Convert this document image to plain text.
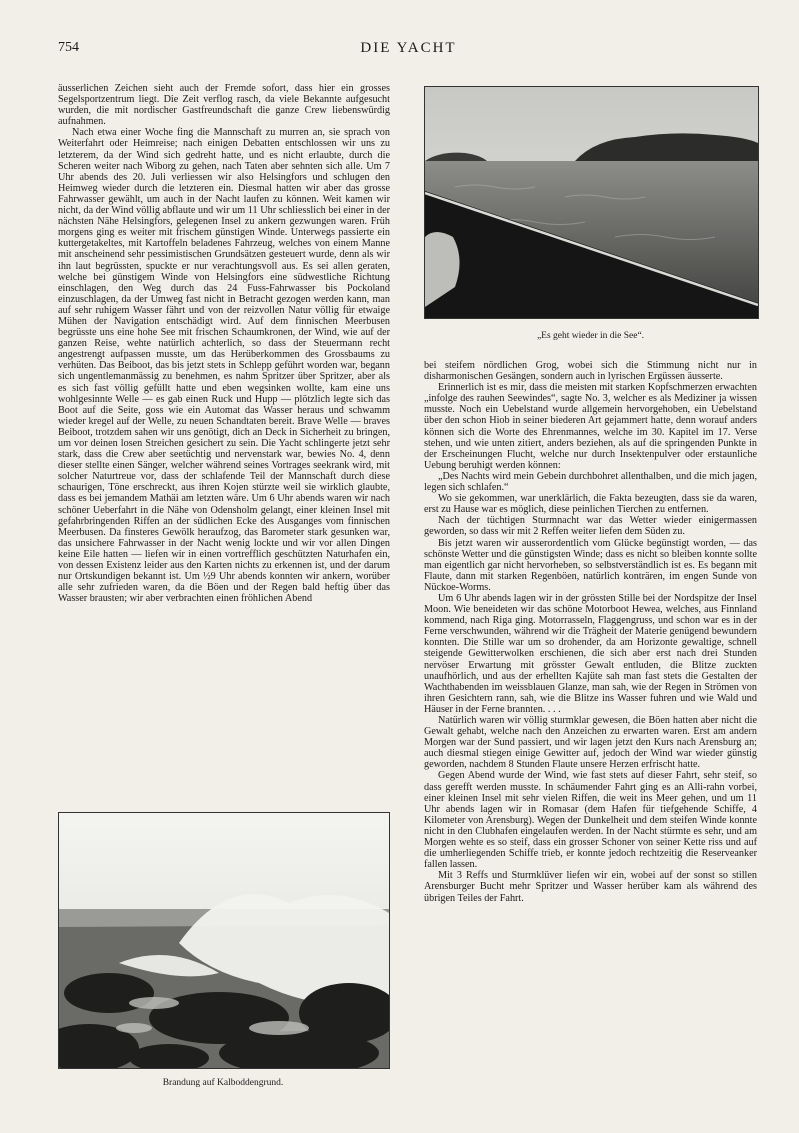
754	DIE YACHT

äusserlichen Zeichen sieht auch der Fremde sofort, dass hier ein grosses Segelsportzentrum liegt. Die Zeit verflog rasch, da viele Bekannte aufgesucht wurden, die mit nordischer Gastfreundschaft die ganze Crew liebenswürdig aufnahmen.

Nach etwa einer Woche fing die Mannschaft zu murren an, sie sprach von Weiterfahrt oder Heimreise; nach einigen Debatten entschlossen wir uns zu letzterem, da der Wind sich gedreht hatte, und es nicht erlaubte, durch die Scheren weiter nach Wiborg zu gehen, nach Taten aber sehnten sich alle. Um 7 Uhr abends des 20. Juli verliessen wir also Helsingfors und schlugen den Heimweg wieder durch die letzteren ein. Diesmal hatten wir aber das grosse Fahrwasser gewählt, um auch in der Nacht laufen zu können. Weit kamen wir nicht, da der Wind völlig abflaute und wir um 11 Uhr schliesslich bei einer in der nächsten Nähe Helsingfors, gelegenen Insel zu ankern gezwungen waren. Früh morgens ging es weiter mit frischem günstigen Winde. Unterwegs passierte ein kuttergetakeltes, mit Kartoffeln beladenes Fahrzeug, welches von einem Manne mit anscheinend sehr pessimistischen Grundsätzen gesteuert wurde, denn als wir ihn laut begrüssten, spuckte er nur verachtungsvoll aus. Es sei allen geraten, welche bei günstigem Winde von Helsingfors eine südwestliche Richtung einschlagen, den Weg durch das 24 Fuss-Fahrwasser bis Pockoland einzuschlagen, da der Umweg fast nicht in Betracht gezogen werden kann, man auf sehr ruhigem Wasser fährt und von der reizvollen Natur völlig für etwaige Mühen der Navigation entschädigt wird. Auf dem finnischen Meerbusen begrüsste uns eine hohe See mit frischen Schaumkronen, der Wind, wie auf der ganzen Reise, wehte natürlich achterlich, so dass der Steuermann recht angestrengt aufpassen musste, um das Herüberkommen des Grossbaums zu verhüten. Das Beiboot, das bis jetzt stets in Schlepp geführt worden war, begann sich ungentlemanmässig zu benehmen, es nahm Spritzer über Spritzer, aber als es sich fast völlig gefüllt hatte und eben wegsinken wollte, kam eine uns wohlgesinnte Welle — es gab einen Ruck und Hupp — plötzlich legte sich das Boot auf die Seite, goss wie ein Automat das Wasser heraus und schwamm wieder kregel auf der Welle, zu neuen Schandtaten bereit. Brave Welle — braves Beiboot, trotzdem sahen wir uns genötigt, dich an Deck in Sicherheit zu bringen, um vor deinen losen Streichen gesichert zu sein. Die Yacht schlingerte jetzt sehr stark, dass die Crew aber seetüchtig und nervenstark war, bewies No. 4, denn dieser stellte einen Sänger, welcher während seines Vortrages seekrank wird, mit solcher Naturtreue vor, dass der schlafende Teil der Mannschaft durch diese schaurigen, Töne erschreckt, aus ihren Kojen stürzte weil sie wirklich glaubte, dass es bei jemandem Mathäi am letzten wäre. Um 6 Uhr abends waren wir nach schöner Ueberfahrt in die Nähe von Odensholm gelangt, einer kleinen Insel mit gefahrbringenden Riffen an der südlichen Ecke des Ausganges vom finnischen Meerbusen. Da finsteres Gewölk heraufzog, das Barometer stark gesunken war, das unsichere Fahrwasser in der Nacht wenig lockte und wir vor allen Dingen keine Eile hatten — liefen wir in einen vortrefflich geschützten Naturhafen ein, von dessen Existenz leider aus den Karten nichts zu erkennen ist, und der darum nur Ortskundigen bekannt ist. Um ½9 Uhr abends konnten wir ankern, worüber alle sehr zufrieden waren, da die Böen und der Regen bald heftig über das Wasser brausten; wir aber verbrachten einen fröhlichen Abend

„Es geht wieder in die See“.

bei steifem nördlichen Grog, wobei sich die Stimmung nicht nur in disharmonischen Gesängen, sondern auch in lyrischen Ergüssen äusserte.

Erinnerlich ist es mir, dass die meisten mit starken Kopfschmerzen erwachten „infolge des rauhen Seewindes“, sagte No. 3, welcher es als Mediziner ja wissen musste. Noch ein Uebelstand wurde allgemein hervorgehoben, ein Uebelstand über den schon Hiob in seiner biederen Art gejammert hatte, denn worauf anders können sich die Worte des Ehrenmannes, welche im 30. Kapitel im 17. Verse stehen, und wie unten zitiert, anders beziehen, als auf die springenden Punkte in der Erscheinungen Flucht, welche nur durch Insektenpulver oder erstaunliche Uebung beruhigt werden können:

„Des Nachts wird mein Gebein durchbohret allenthalben, und die mich jagen, legen sich schlafen.“

Wo sie gekommen, war unerklärlich, die Fakta bezeugten, dass sie da waren, erst zu Hause war es möglich, diese peinlichen Tierchen zu entfernen.

Nach der tüchtigen Sturmnacht war das Wetter wieder einigermassen geworden, so dass wir mit 2 Reffen weiter liefen dem Süden zu.

Bis jetzt waren wir ausserordentlich vom Glücke begünstigt worden, — das schönste Wetter und die günstigsten Winde; dass es nicht so bleiben konnte sollte man eigentlich gar nicht hervorheben, so selbstverständlich ist es. Es begann mit Flaute, dann mit starken Regenböen, natürlich konträren, im engen Sunde von Nückoe-Worms.

Um 6 Uhr abends lagen wir in der grössten Stille bei der Nordspitze der Insel Moon. Wie beneideten wir das schöne Motorboot Hewea, welches, aus Finnland kommend, nach Riga ging. Motorrasseln, Flaggengruss, und schon war es in der Ferne verschwunden, während wir die Trägheit der Materie genügend bewundern konnten. Die Stille war um so drohender, da am Horizonte gewaltige, schnell steigende Gewitterwolken erschienen, die sich aber erst nach drei Stunden nervöser Erwartung mit grösster Gewalt entluden, die Blitze zuckten unaufhörlich, und aus der erhellten Kajüte sah man fast stets die Gestalten der Wachthabenden im weissblauen Glanze, man sah, wie der Regen in Strömen von ihren Gesichtern rann, sah, wie die Blitze ins Wasser fuhren und wie Wald und Häuser in der Ferne brannten. . . .

Natürlich waren wir völlig sturmklar gewesen, die Böen hatten aber nicht die Gewalt gehabt, welche nach den Anzeichen zu erwarten waren. Erst am andern Morgen war der Sund passiert, und wir lagen jetzt den Kurs nach Arensburg an; auch diesmal stiegen einige Gewitter auf, jedoch der Wind war wieder günstig geworden, nachdem 8 Stunden Flaute unsere Herzen erfrischt hatte.

Gegen Abend wurde der Wind, wie fast stets auf dieser Fahrt, sehr steif, so dass gerefft werden musste. In schäumender Fahrt ging es an Alli-rahn vorbei, einer kleinen Insel mit sehr vielen Riffen, die weit ins Meer gehen, und um 11 Uhr abends lagen wir in Romasar (dem Hafen für tiefgehende Schiffe, 4 Kilometer von Arensburg). Wegen der Dunkelheit und dem steifen Winde konnte nicht in den Clubhafen eingelaufen werden. In der Nacht stürmte es sehr, und am Morgen wehte es so steif, dass ein grosser Schoner von seiner Kette riss und auf die umherliegenden Schiffe trieb, er konnte jedoch rechtzeitig die Reserveanker fallen lassen.

Mit 3 Reffs und Sturmklüver liefen wir ein, wobei auf der sonst so stillen Arensburger Bucht mehr Spritzer und Wasser herüber kam als während des übrigen Teiles der Fahrt.

Brandung auf Kalboddengrund.
